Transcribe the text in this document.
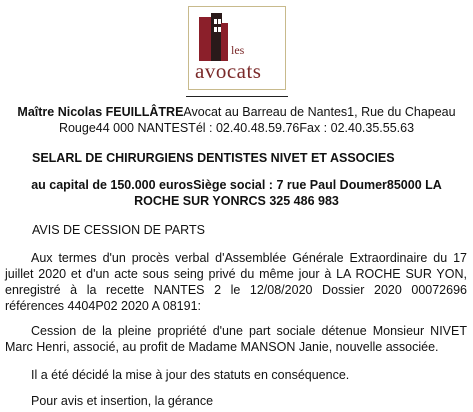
les
avocats
Maître Nicolas FEUILLÂTREAvocat au Barreau de Nantes1, Rue du Chapeau
Rouge44 000 NANTESTél : 02.40.48.59.76Fax : 02.40.35.55.63
SELARL DE CHIRURGIENS DENTISTES NIVET ET ASSOCIES
au capital de 150.000 eurosSiège social : 7 rue Paul Doumer85000 LA
ROCHE SUR YONRCS 325 486 983
AVIS DE CESSION DE PARTS
Aux termes d'un procès verbal d'Assemblée Générale Extraordinaire du 17 juillet 2020 et d'un acte sous seing privé du même jour à LA ROCHE SUR YON, enregistré à la recette NANTES 2 le 12/08/2020 Dossier 2020 00072696 références 4404P02 2020 A 08191:
Cession de la pleine propriété d'une part sociale détenue Monsieur NIVET Marc Henri, associé, au profit de Madame MANSON Janie, nouvelle associée.
Il a été décidé la mise à jour des statuts en conséquence.
Pour avis et insertion, la gérance
